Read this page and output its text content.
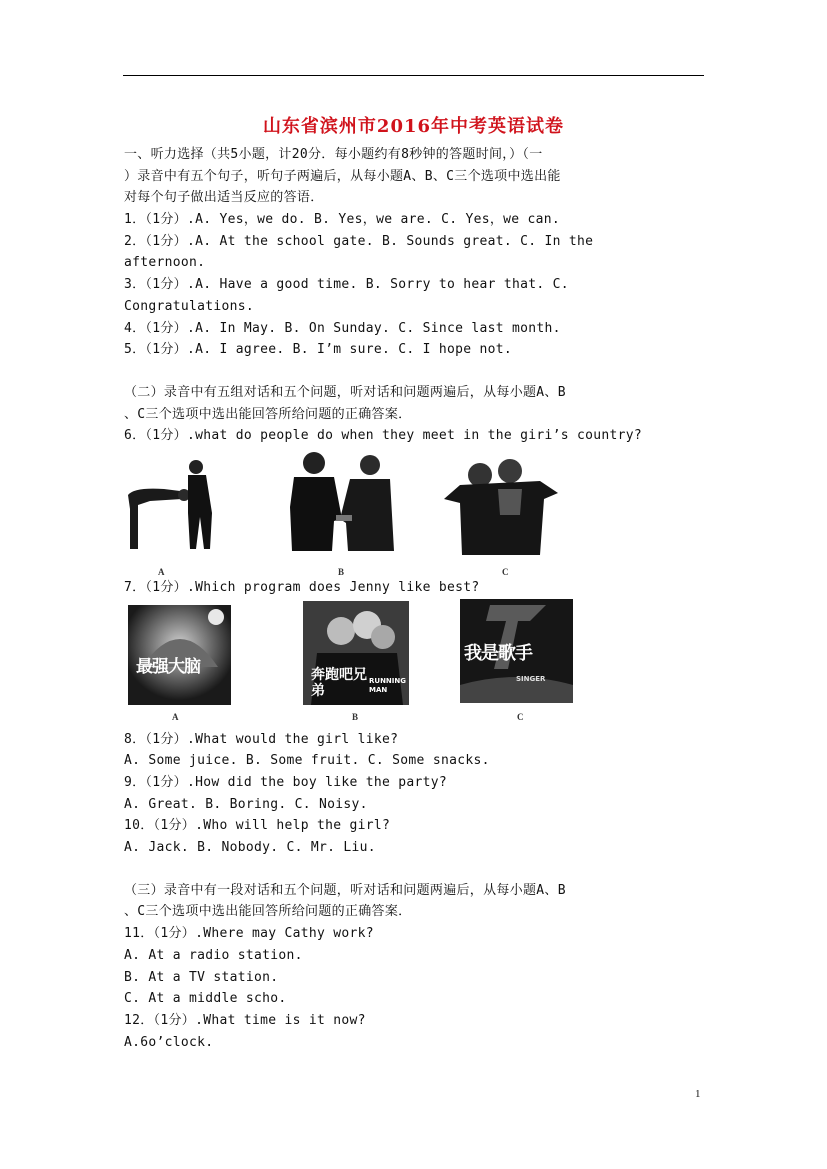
山东省滨州市2016年中考英语试卷
一、听力选择（共5小题，计20分．每小题约有8秒钟的答题时间，）（一
）录音中有五个句子，听句子两遍后，从每小题A、B、C三个选项中选出能
对每个句子做出适当反应的答语．
1．（1分）.A. Yes，we do. B. Yes，we are. C. Yes，we can.
2．（1分）.A. At the school gate. B. Sounds great. C. In the
afternoon.
3．（1分）.A. Have a good time. B. Sorry to hear that. C.
Congratulations.
4．（1分）.A. In May. B. On Sunday. C. Since last month.
5．（1分）.A. I agree. B. I’m sure. C. I hope not.
（二）录音中有五组对话和五个问题，听对话和问题两遍后，从每小题A、B
、C三个选项中选出能回答所给问题的正确答案．
6．（1分）.what do people do when they meet in the giri’s country?
A	B	C
7．（1分）.Which program does Jenny like best?
最强大脑	奔跑吧兄弟
RUNNING MAN
我是歌手
SINGER
A	B	C
8．（1分）.What would the girl like?
A. Some juice. B. Some fruit. C. Some snacks.
9．（1分）.How did the boy like the party?
A. Great. B. Boring. C. Noisy.
10．（1分）.Who will help the girl?
A. Jack. B. Nobody. C. Mr. Liu.
（三）录音中有一段对话和五个问题，听对话和问题两遍后，从每小题A、B
、C三个选项中选出能回答所给问题的正确答案．
11．（1分）.Where may Cathy work?
A. At a radio station.
B. At a TV station.
C. At a middle scho.
12．（1分）.What time is it now?
A.6o’clock.
1
